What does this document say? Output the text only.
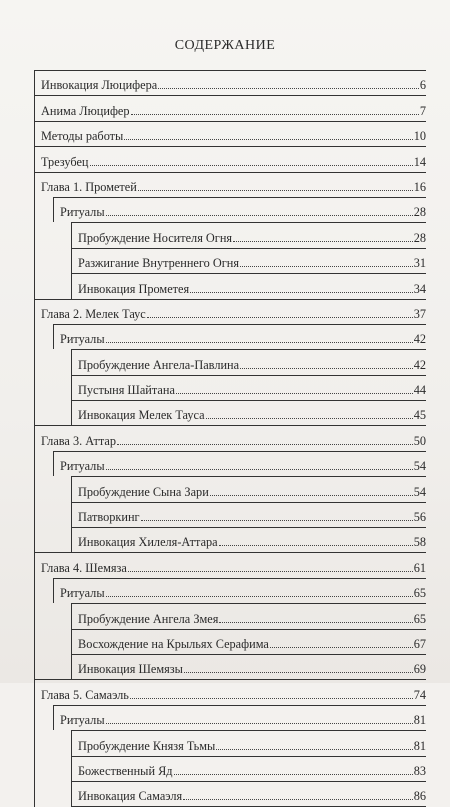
СОДЕРЖАНИЕ
Инвокация Люцифера	6
Анима Люцифер	7
Методы работы	10
Трезубец	14
Глава 1. Прометей	16
Ритуалы	28
Пробуждение Носителя Огня	28
Разжигание Внутреннего Огня	31
Инвокация Прометея	34
Глава 2. Мелек Таус	37
Ритуалы	42
Пробуждение Ангела-Павлина	42
Пустыня Шайтана	44
Инвокация Мелек Тауса	45
Глава 3. Аттар	50
Ритуалы	54
Пробуждение Сына Зари	54
Патворкинг	56
Инвокация Хилеля-Аттара	58
Глава 4. Шемяза	61
Ритуалы	65
Пробуждение Ангела Змея	65
Восхождение на Крыльях Серафима	67
Инвокация Шемязы	69
Глава 5. Самаэль	74
Ритуалы	81
Пробуждение Князя Тьмы	81
Божественный Яд	83
Инвокация Самаэля	86
